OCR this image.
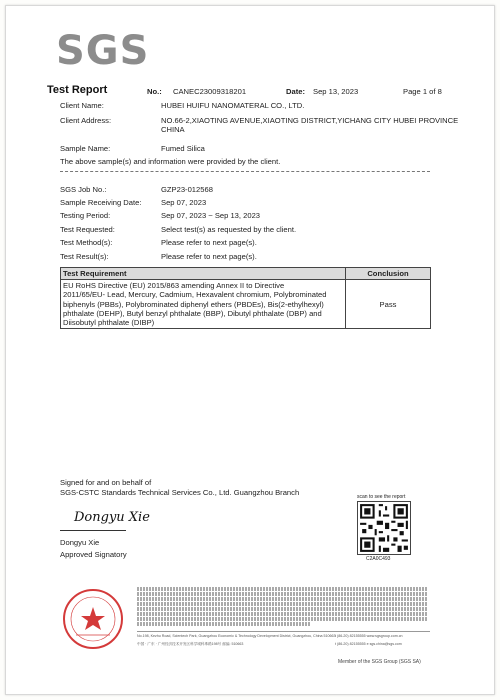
SGS
Test Report	No.: CANEC23009318201	Date: Sep 13, 2023	Page 1 of 8
Client Name:	HUBEI HUIFU NANOMATERAL CO., LTD.
Client Address:	NO.66-2,XIAOTING AVENUE,XIAOTING DISTRICT,YICHANG CITY HUBEI PROVINCE
CHINA
Sample Name:	Fumed Silica
The above sample(s) and information were provided by the client.
SGS Job No.:	GZP23-012568
Sample Receiving Date:	Sep 07, 2023
Testing Period:	Sep 07, 2023 ~ Sep 13, 2023
Test Requested:	Select test(s) as requested by the client.
Test Method(s):	Please refer to next page(s).
Test Result(s):	Please refer to next page(s).
Test Requirement	Conclusion

EU RoHS Directive (EU) 2015/863 amending Annex II to Directive
2011/65/EU- Lead, Mercury, Cadmium, Hexavalent chromium, Polybrominated
biphenyls (PBBs), Polybrominated diphenyl ethers (PBDEs), Bis(2-ethylhexyl)
phthalate (DEHP), Butyl benzyl phthalate (BBP), Dibutyl phthalate (DBP) and
Diisobutyl phthalate (DIBP)	Pass
Signed for and on behalf of
SGS-CSTC Standards Technical Services Co., Ltd. Guangzhou Branch
Dongyu Xie
Dongyu Xie
Approved Signatory
scan to see the report
C2A0C493
No.198, Kezhu Road, Scientech Park, Guangzhou Economic & Technology Development District, Guangzhou, China 510663 t (86-20) 82155555 www.sgsgroup.com.cn
中国 · 广东 · 广州经济技术开发区科学城科珠路198号 邮编: 510663	t (86-20) 82155555 e sgs.china@sgs.com
Member of the SGS Group (SGS SA)
